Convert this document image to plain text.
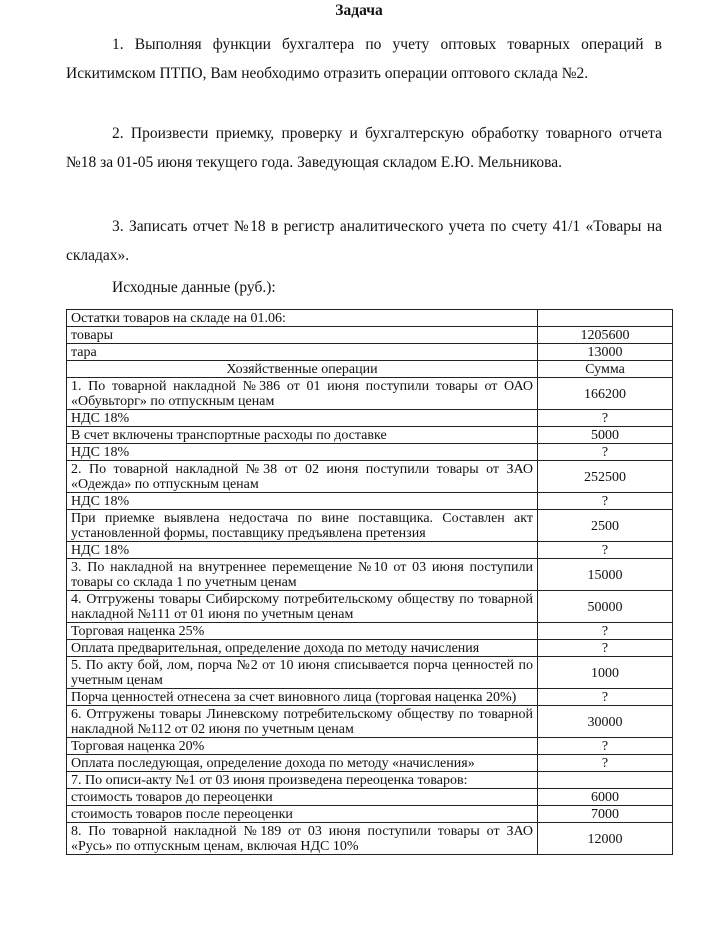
Задача
1. Выполняя функции бухгалтера по учету оптовых товарных операций в Искитимском ПТПО, Вам необходимо отразить операции оптового склада №2.
2. Произвести приемку, проверку и бухгалтерскую обработку товарного отчета №18 за 01-05 июня текущего года. Заведующая складом Е.Ю. Мельникова.
3. Записать отчет №18 в регистр аналитического учета по счету 41/1 «Товары на складах».
Исходные данные (руб.):
Остатки товаров на складе на 01.06:	
товары	1205600
тара	13000
Хозяйственные операции	Сумма
1. По товарной накладной №386 от 01 июня поступили товары от ОАО «Обувьторг» по отпускным ценам	166200
НДС 18%	?
В счет включены транспортные расходы по доставке	5000
НДС 18%	?
2. По товарной накладной №38 от 02 июня поступили товары от ЗАО «Одежда» по отпускным ценам	252500
НДС 18%	?
При приемке выявлена недостача по вине поставщика. Составлен акт установленной формы, поставщику предъявлена претензия	2500
НДС 18%	?
3. По накладной на внутреннее перемещение №10 от 03 июня поступили товары со склада 1 по учетным ценам	15000
4. Отгружены товары Сибирскому потребительскому обществу по товарной накладной №111 от 01 июня по учетным ценам	50000
Торговая наценка 25%	?
Оплата предварительная, определение дохода по методу начисления	?
5. По акту бой, лом, порча №2 от 10 июня списывается порча ценностей по учетным ценам	1000
Порча ценностей отнесена за счет виновного лица (торговая наценка 20%)	?
6. Отгружены товары Линевскому потребительскому обществу по товарной накладной №112 от 02 июня по учетным ценам	30000
Торговая наценка 20%	?
Оплата последующая, определение дохода по методу «начисления»	?
7. По описи-акту №1 от 03 июня произведена переоценка товаров:	
стоимость товаров до переоценки	6000
стоимость товаров после переоценки	7000
8. По товарной накладной №189 от 03 июня поступили товары от ЗАО «Русь» по отпускным ценам, включая НДС 10%	12000
